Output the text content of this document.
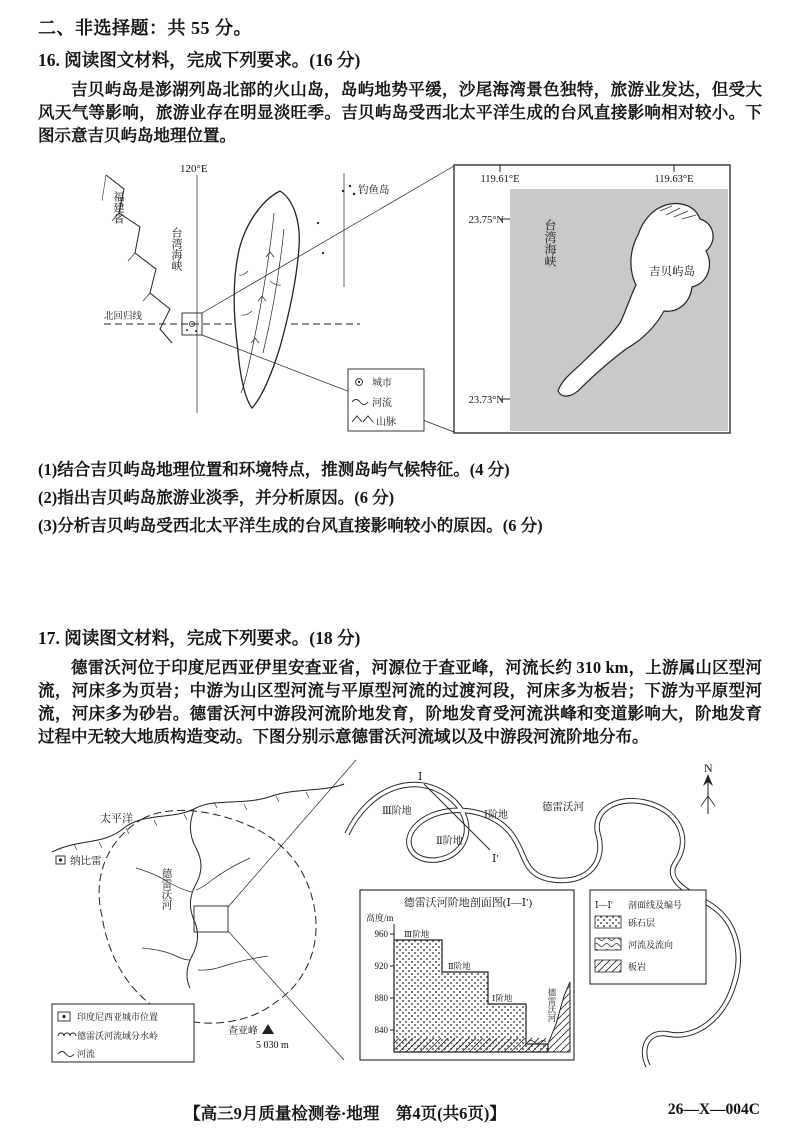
二、非选择题：共 55 分。
16. 阅读图文材料，完成下列要求。(16 分)
吉贝屿岛是澎湖列岛北部的火山岛，岛屿地势平缓，沙尾海湾景色独特，旅游业发达，但受大风天气等影响，旅游业存在明显淡旺季。吉贝屿岛受西北太平洋生成的台风直接影响相对较小。下图示意吉贝屿岛地理位置。
120°E
福建省
北回归线
台湾海峡
钓鱼岛
城市
河流
山脉
119.61°E	119.63°E
23.75°N
23.73°N
台湾海峡
吉贝屿岛
(1)结合吉贝屿岛地理位置和环境特点，推测岛屿气候特征。(4 分)
(2)指出吉贝屿岛旅游业淡季，并分析原因。(6 分)
(3)分析吉贝屿岛受西北太平洋生成的台风直接影响较小的原因。(6 分)
17. 阅读图文材料，完成下列要求。(18 分)
德雷沃河位于印度尼西亚伊里安查亚省，河源位于查亚峰，河流长约 310 km，上游属山区型河流，河床多为页岩；中游为山区型河流与平原型河流的过渡河段，河床多为板岩；下游为平原型河流，河床多为砂岩。德雷沃河中游段河流阶地发育，阶地发育受河流洪峰和变道影响大，阶地发育过程中无较大地质构造变动。下图分别示意德雷沃河流域以及中游段河流阶地分布。
Ⅰ
Ⅰ′
Ⅲ阶地
Ⅱ阶地
Ⅰ阶地
德雷沃河
太平洋
纳比雷
德雷沃河
N
德雷沃河阶地剖面图(Ⅰ—Ⅰ′)
高度/m
960
920
880
840
Ⅲ阶地
Ⅱ阶地
Ⅰ阶地	德雷沃河
Ⅰ—Ⅰ′ 剖面线及编号
砾石层
河流及流向
板岩
印度尼西亚城市位置
德雷沃河流域分水岭
河流
查亚峰
5 030 m
【高三9月质量检测卷·地理　第4页(共6页)】	26—X—004C
